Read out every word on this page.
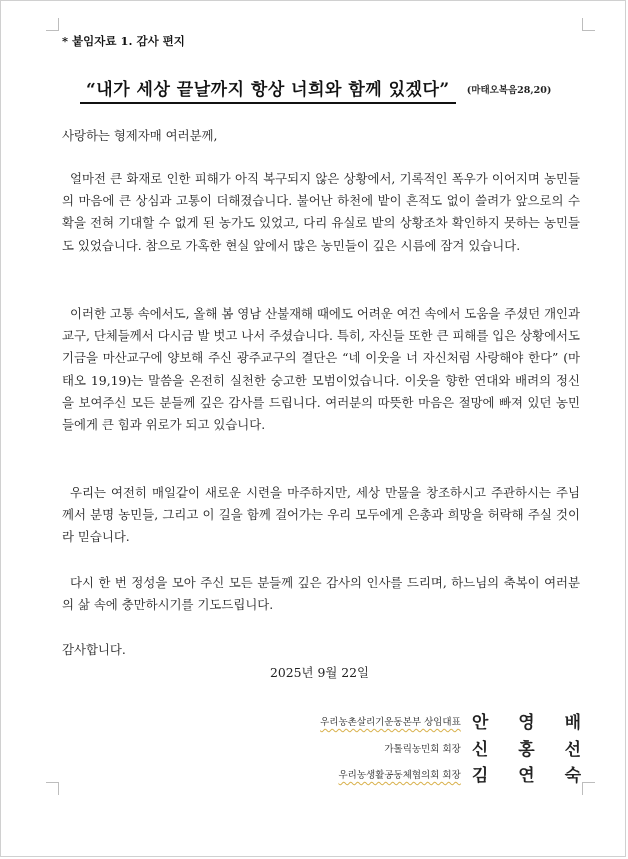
* 붙임자료 1. 감사 편지
“내가 세상 끝날까지 항상 너희와 함께 있겠다” (마태오복음28,20)
사랑하는 형제자매 여러분께,
얼마전 큰 화재로 인한 피해가 아직 복구되지 않은 상황에서, 기록적인 폭우가 이어지며 농민들의 마음에 큰 상심과 고통이 더해졌습니다. 불어난 하천에 밭이 흔적도 없이 쓸려가 앞으로의 수확을 전혀 기대할 수 없게 된 농가도 있었고, 다리 유실로 밭의 상황조차 확인하지 못하는 농민들도 있었습니다. 참으로 가혹한 현실 앞에서 많은 농민들이 깊은 시름에 잠겨 있습니다.
이러한 고통 속에서도, 올해 봄 영남 산불재해 때에도 어려운 여건 속에서 도움을 주셨던 개인과 교구, 단체들께서 다시금 발 벗고 나서 주셨습니다. 특히, 자신들 또한 큰 피해를 입은 상황에서도 기금을 마산교구에 양보해 주신 광주교구의 결단은 “네 이웃을 너 자신처럼 사랑해야 한다” (마태오 19,19)는 말씀을 온전히 실천한 숭고한 모범이었습니다. 이웃을 향한 연대와 배려의 정신을 보여주신 모든 분들께 깊은 감사를 드립니다. 여러분의 따뜻한 마음은 절망에 빠져 있던 농민들에게 큰 힘과 위로가 되고 있습니다.
우리는 여전히 매일같이 새로운 시련을 마주하지만, 세상 만물을 창조하시고 주관하시는 주님께서 분명 농민들, 그리고 이 길을 함께 걸어가는 우리 모두에게 은총과 희망을 허락해 주실 것이라 믿습니다.
다시 한 번 정성을 모아 주신 모든 분들께 깊은 감사의 인사를 드리며, 하느님의 축복이 여러분의 삶 속에 충만하시기를 기도드립니다.
감사합니다.
2025년 9월 22일
우리농촌살리기운동본부 상임대표 안 영 배
가톨릭농민회 회장 신 홍 선
우리농생활공동체협의회 회장 김 연 숙
